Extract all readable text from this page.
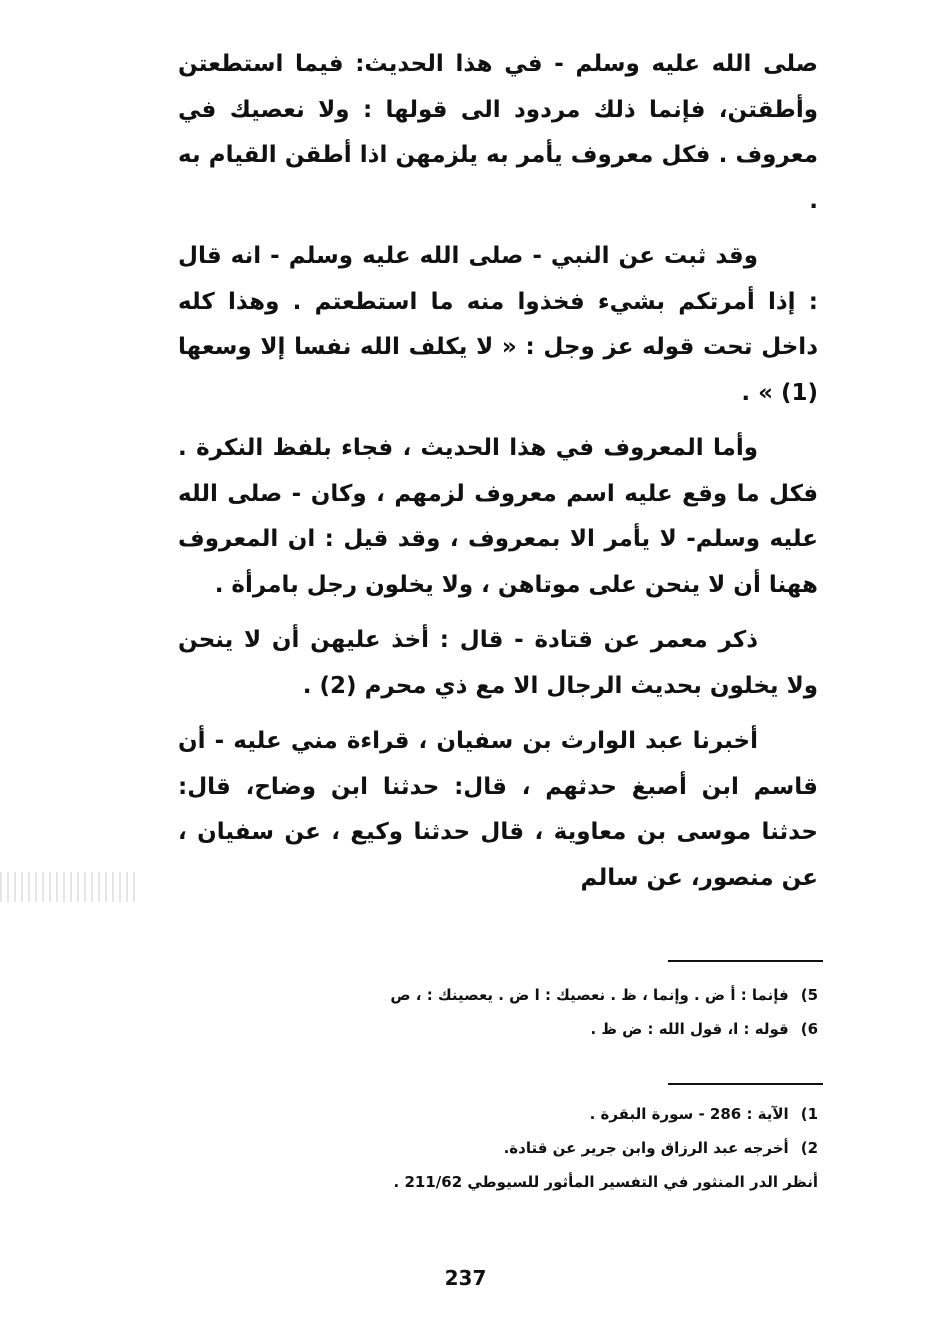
صلى الله عليه وسلم - في هذا الحديث: فيما استطعتن وأطقتن، فإنما ذلك مردود الى قولها : ولا نعصيك في معروف . فكل معروف يأمر به يلزمهن اذا أطقن القيام به .

وقد ثبت عن النبي - صلى الله عليه وسلم - انه قال : إذا أمرتكم بشيء فخذوا منه ما استطعتم . وهذا كله داخل تحت قوله عز وجل : « لا يكلف الله نفسا إلا وسعها (1) » .

وأما المعروف في هذا الحديث ، فجاء بلفظ النكرة . فكل ما وقع عليه اسم معروف لزمهم ، وكان - صلى الله عليه وسلم- لا يأمر الا بمعروف ، وقد قيل : ان المعروف ههنا أن لا ينحن على موتاهن ، ولا يخلون رجل بامرأة .

ذكر معمر عن قتادة - قال : أخذ عليهن أن لا ينحن ولا يخلون بحديث الرجال الا مع ذي محرم (2) .

أخبرنا عبد الوارث بن سفيان ، قراءة مني عليه - أن قاسم ابن أصبغ حدثهم ، قال: حدثنا ابن وضاح، قال: حدثنا موسى بن معاوية ، قال حدثنا وكيع ، عن سفيان ، عن منصور، عن سالم

5)فإنما : أ ض . وإنما ، ظ . نعصيك : ا ض . يعصينك : ، ص
6)قوله : ا، قول الله : ض ظ .
1)الآية : 286 - سورة البقرة .
2)أخرجه عبد الرزاق وابن جرير عن قتادة.
أنظر الدر المنثور في التفسير المأثور للسيوطي 211/62 .
237
